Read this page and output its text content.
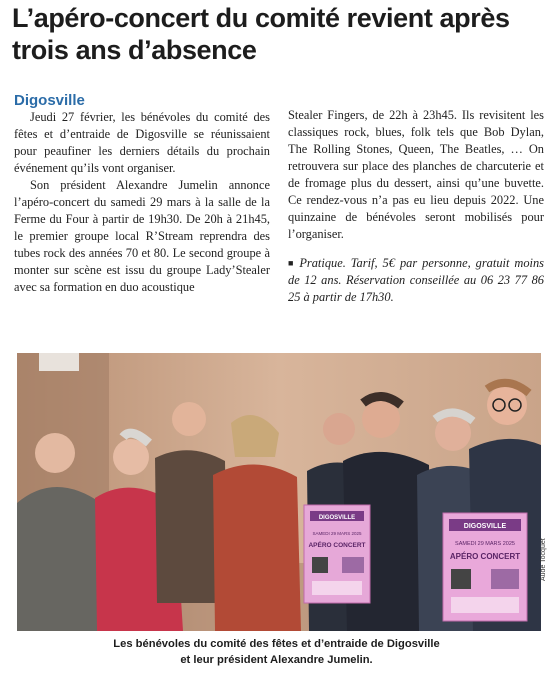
L’apéro-concert du comité revient après trois ans d’absence
Digosville

Jeudi 27 février, les bénévoles du comité des fêtes et d’entraide de Digosville se réunissaient pour peaufiner les derniers détails du prochain événement qu’ils vont organiser.

Son président Alexandre Jumelin annonce l’apéro-concert du samedi 29 mars à la salle de la Ferme du Four à partir de 19h30. De 20h à 21h45, le premier groupe local R’Stream reprendra des tubes rock des années 70 et 80. Le second groupe à monter sur scène est issu du groupe Lady’Stealer avec sa formation en duo acoustique

Stealer Fingers, de 22h à 23h45. Ils revisitent les classiques rock, blues, folk tels que Bob Dylan, The Rolling Stones, Queen, The Beatles, … On retrouvera sur place des planches de charcuterie et de fromage plus du dessert, ainsi qu’une buvette. Ce rendez-vous n’a pas eu lieu depuis 2022. Une quinzaine de bénévoles seront mobilisés pour l’organiser.

■ Pratique. Tarif, 5€ par personne, gratuit moins de 12 ans. Réservation conseillée au 06 23 77 86 25 à partir de 17h30.

DIGOSVILLE
SAMEDI 29 MARS 2025
APÉRO CONCERT
DIGOSVILLE
SAMEDI 29 MARS 2025
APÉRO CONCERT	Aude Tocquet
Les bénévoles du comité des fêtes et d’entraide de Digosville
et leur président Alexandre Jumelin.
